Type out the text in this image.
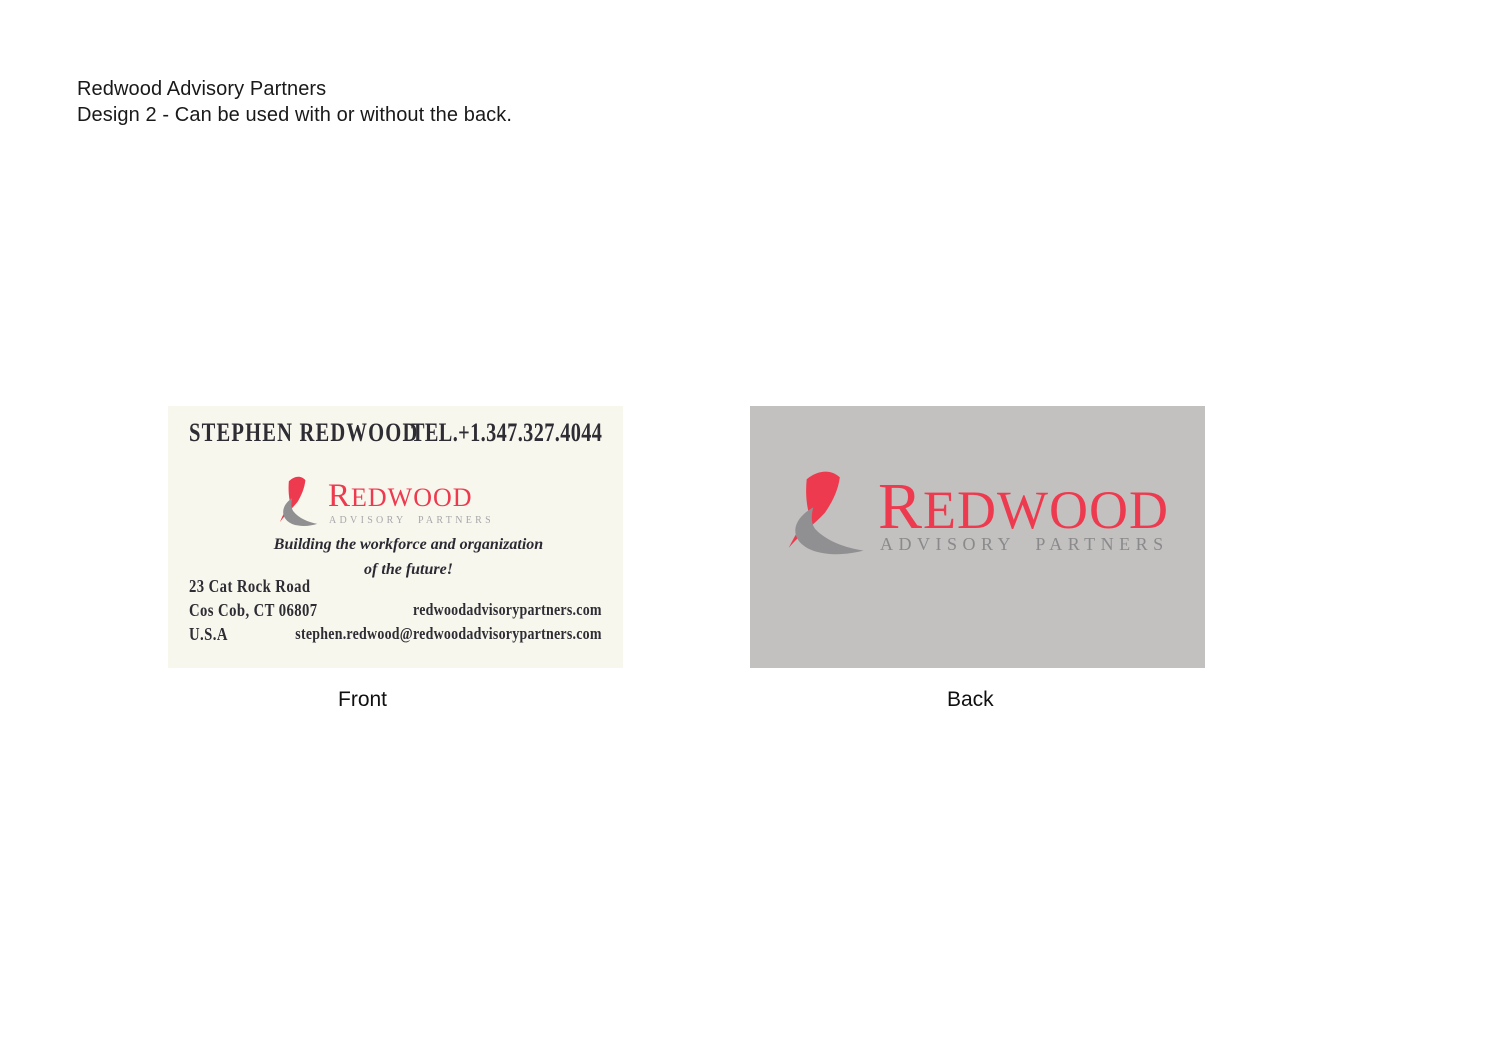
Redwood Advisory Partners
Design 2 - Can be used with or without the back.
STEPHEN REDWOOD
TEL.+1.347.327.4044
REDWOOD
ADVISORY PARTNERS
Building the workforce and organization
of the future!
23 Cat Rock Road
Cos Cob, CT 06807
U.S.A
redwoodadvisorypartners.com
stephen.redwood@redwoodadvisorypartners.com
REDWOOD
ADVISORY PARTNERS
Front	Back
